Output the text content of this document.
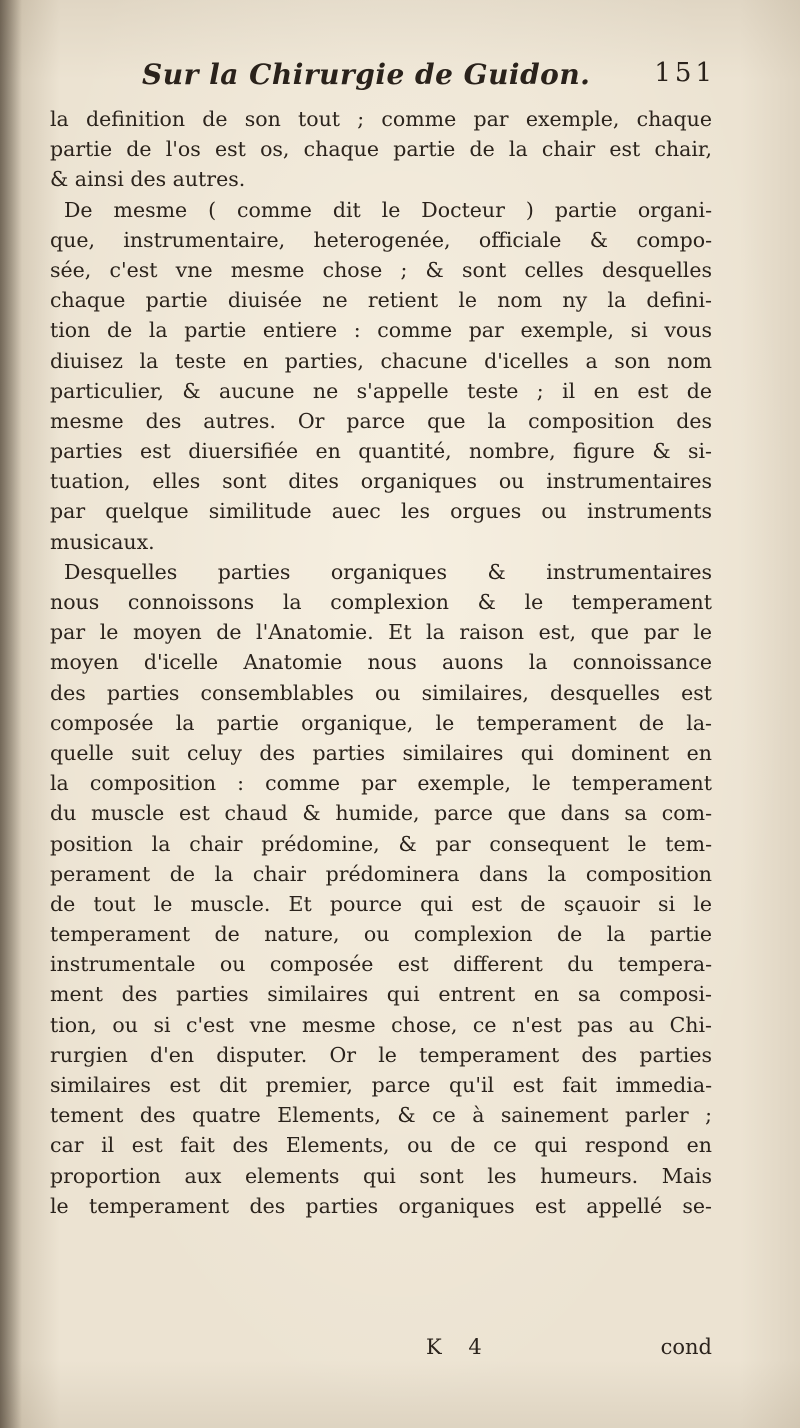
Sur la Chirurgie de Guidon. 151
la definition de son tout ; comme par exemple, chaque
partie de l'os est os, chaque partie de la chair est chair,
& ainsi des autres.
De mesme ( comme dit le Docteur ) partie organi-
que, instrumentaire, heterogenée, officiale & compo-
sée, c'est vne mesme chose ; & sont celles desquelles
chaque partie diuisée ne retient le nom ny la defini-
tion de la partie entiere : comme par exemple, si vous
diuisez la teste en parties, chacune d'icelles a son nom
particulier, & aucune ne s'appelle teste ; il en est de
mesme des autres. Or parce que la composition des
parties est diuersifiée en quantité, nombre, figure & si-
tuation, elles sont dites organiques ou instrumentaires
par quelque similitude auec les orgues ou instruments
musicaux.
Desquelles parties organiques & instrumentaires
nous connoissons la complexion & le temperament
par le moyen de l'Anatomie. Et la raison est, que par le
moyen d'icelle Anatomie nous auons la connoissance
des parties consemblables ou similaires, desquelles est
composée la partie organique, le temperament de la-
quelle suit celuy des parties similaires qui dominent en
la composition : comme par exemple, le temperament
du muscle est chaud & humide, parce que dans sa com-
position la chair prédomine, & par consequent le tem-
perament de la chair prédominera dans la composition
de tout le muscle. Et pource qui est de sçauoir si le
temperament de nature, ou complexion de la partie
instrumentale ou composée est different du tempera-
ment des parties similaires qui entrent en sa composi-
tion, ou si c'est vne mesme chose, ce n'est pas au Chi-
rurgien d'en disputer. Or le temperament des parties
similaires est dit premier, parce qu'il est fait immedia-
tement des quatre Elements, & ce à sainement parler ;
car il est fait des Elements, ou de ce qui respond en
proportion aux elements qui sont les humeurs. Mais
le temperament des parties organiques est appellé se-
K 4	cond
